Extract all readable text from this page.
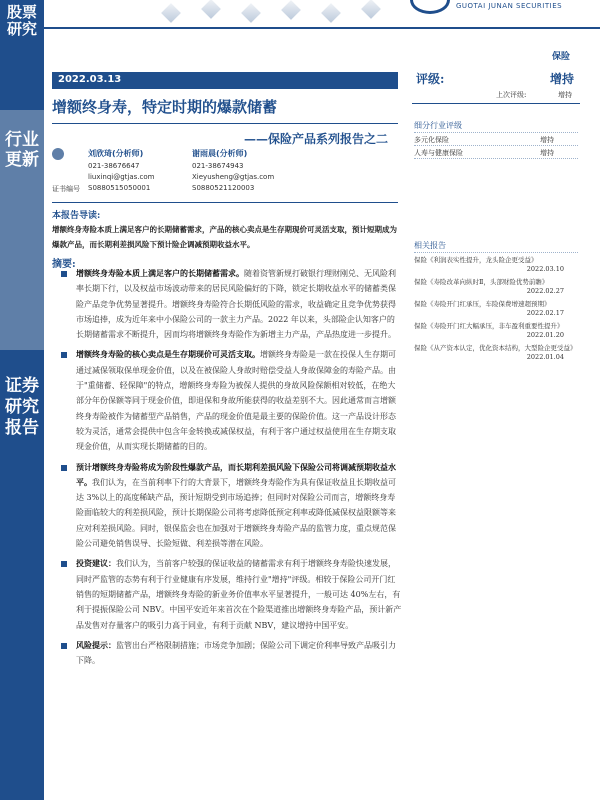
股票研究
行业更新
证券研究报告
GUOTAI JUNAN SECURITIES
保险
2022.03.13
增额终身寿，特定时期的爆款储蓄
——保险产品系列报告之二
证书编号
刘欣琦(分析师)
021-38676647
liuxinqi@gtjas.com
S0880515050001
谢雨晨(分析师)
021-38674943
Xieyusheng@gtjas.com
S0880521120003
本报告导读:
增额终身寿险本质上满足客户的长期储蓄需求，产品的核心卖点是生存期现价可灵活支取，预计短期成为爆款产品，而长期利差损风险下预计险企调减预期收益水平。
摘要:
增额终身寿险本质上满足客户的长期储蓄需求。随着资管新规打破银行理财刚兑、无风险利率长期下行，以及权益市场波动带来的居民风险偏好的下降，锁定长期收益水平的储蓄类保险产品竞争优势显著提升。增额终身寿险符合长期低风险的需求，收益确定且竞争优势获得市场追捧，成为近年来中小保险公司的一款主力产品。2022 年以来，头部险企认知客户的长期储蓄需求不断提升，因而均将增额终身寿险作为新增主力产品，产品热度进一步提升。
增额终身寿险的核心卖点是生存期现价可灵活支取。增额终身寿险是一款在投保人生存期可通过减保领取保单现金价值，以及在被保险人身故时赔偿受益人身故保障金的寿险产品。由于"重储蓄、轻保障"的特点，增额终身寿险为被保人提供的身故风险保额相对较低，在绝大部分年份保额等同于现金价值，即退保和身故所能获得的收益差别不大。因此通常而言增额终身寿险被作为储蓄型产品销售，产品的现金价值是最主要的保险价值。这一产品设计形态较为灵活，通常会提供中包含年金转换或减保权益，有利于客户通过权益使用在生存期支取现金价值，从而实现长期储蓄的目的。
预计增额终身寿险将成为阶段性爆款产品，而长期利差损风险下保险公司将调减预期收益水平。我们认为，在当前利率下行的大背景下，增额终身寿险作为具有保证收益且长期收益可达 3%以上的高度稀缺产品，预计短期受到市场追捧；但同时对保险公司而言，增额终身寿险面临较大的利差损风险，预计长期保险公司将考虑降低预定利率或降低减保权益限额等来应对利差损风险。同时，银保监会也在加强对于增额终身寿险产品的监管力度，重点规范保险公司避免销售误导、长险短做、利差损等潜在风险。
投资建议：我们认为，当前客户较强的保证收益的储蓄需求有利于增额终身寿险快速发展，同时严监管的态势有利于行业健康有序发展，维持行业"增持"评级。相较于保险公司开门红销售的短期储蓄产品，增额终身寿险的新业务价值率水平显著提升，一般可达 40%左右，有利于提振保险公司 NBV。中国平安近年来首次在个险渠道推出增额终身寿险产品，预计新产品发售对存量客户的吸引力高于同业，有利于贡献 NBV，建议增持中国平安。
风险提示：监管出台严格限制措施；市场竞争加剧；保险公司下调定价利率导致产品吸引力下降。
评级:	增持
上次评级:	增持
细分行业评级
多元化保险	增持
人寿与健康保险	增持
相关报告
保险《利润表实性提升，龙头险企更受益》
2022.03.10
保险《寿险改革向纵时Ⅱ，头部财险优势前瞻》
2022.02.27
保险《寿险开门红承压，车险保费增速超预期》
2022.02.17
保险《寿险开门红大幅承压，非车盈利重要性提升》
2022.01.20
保险《从产资本认定，优化资本结构，大型险企更受益》
2022.01.04
